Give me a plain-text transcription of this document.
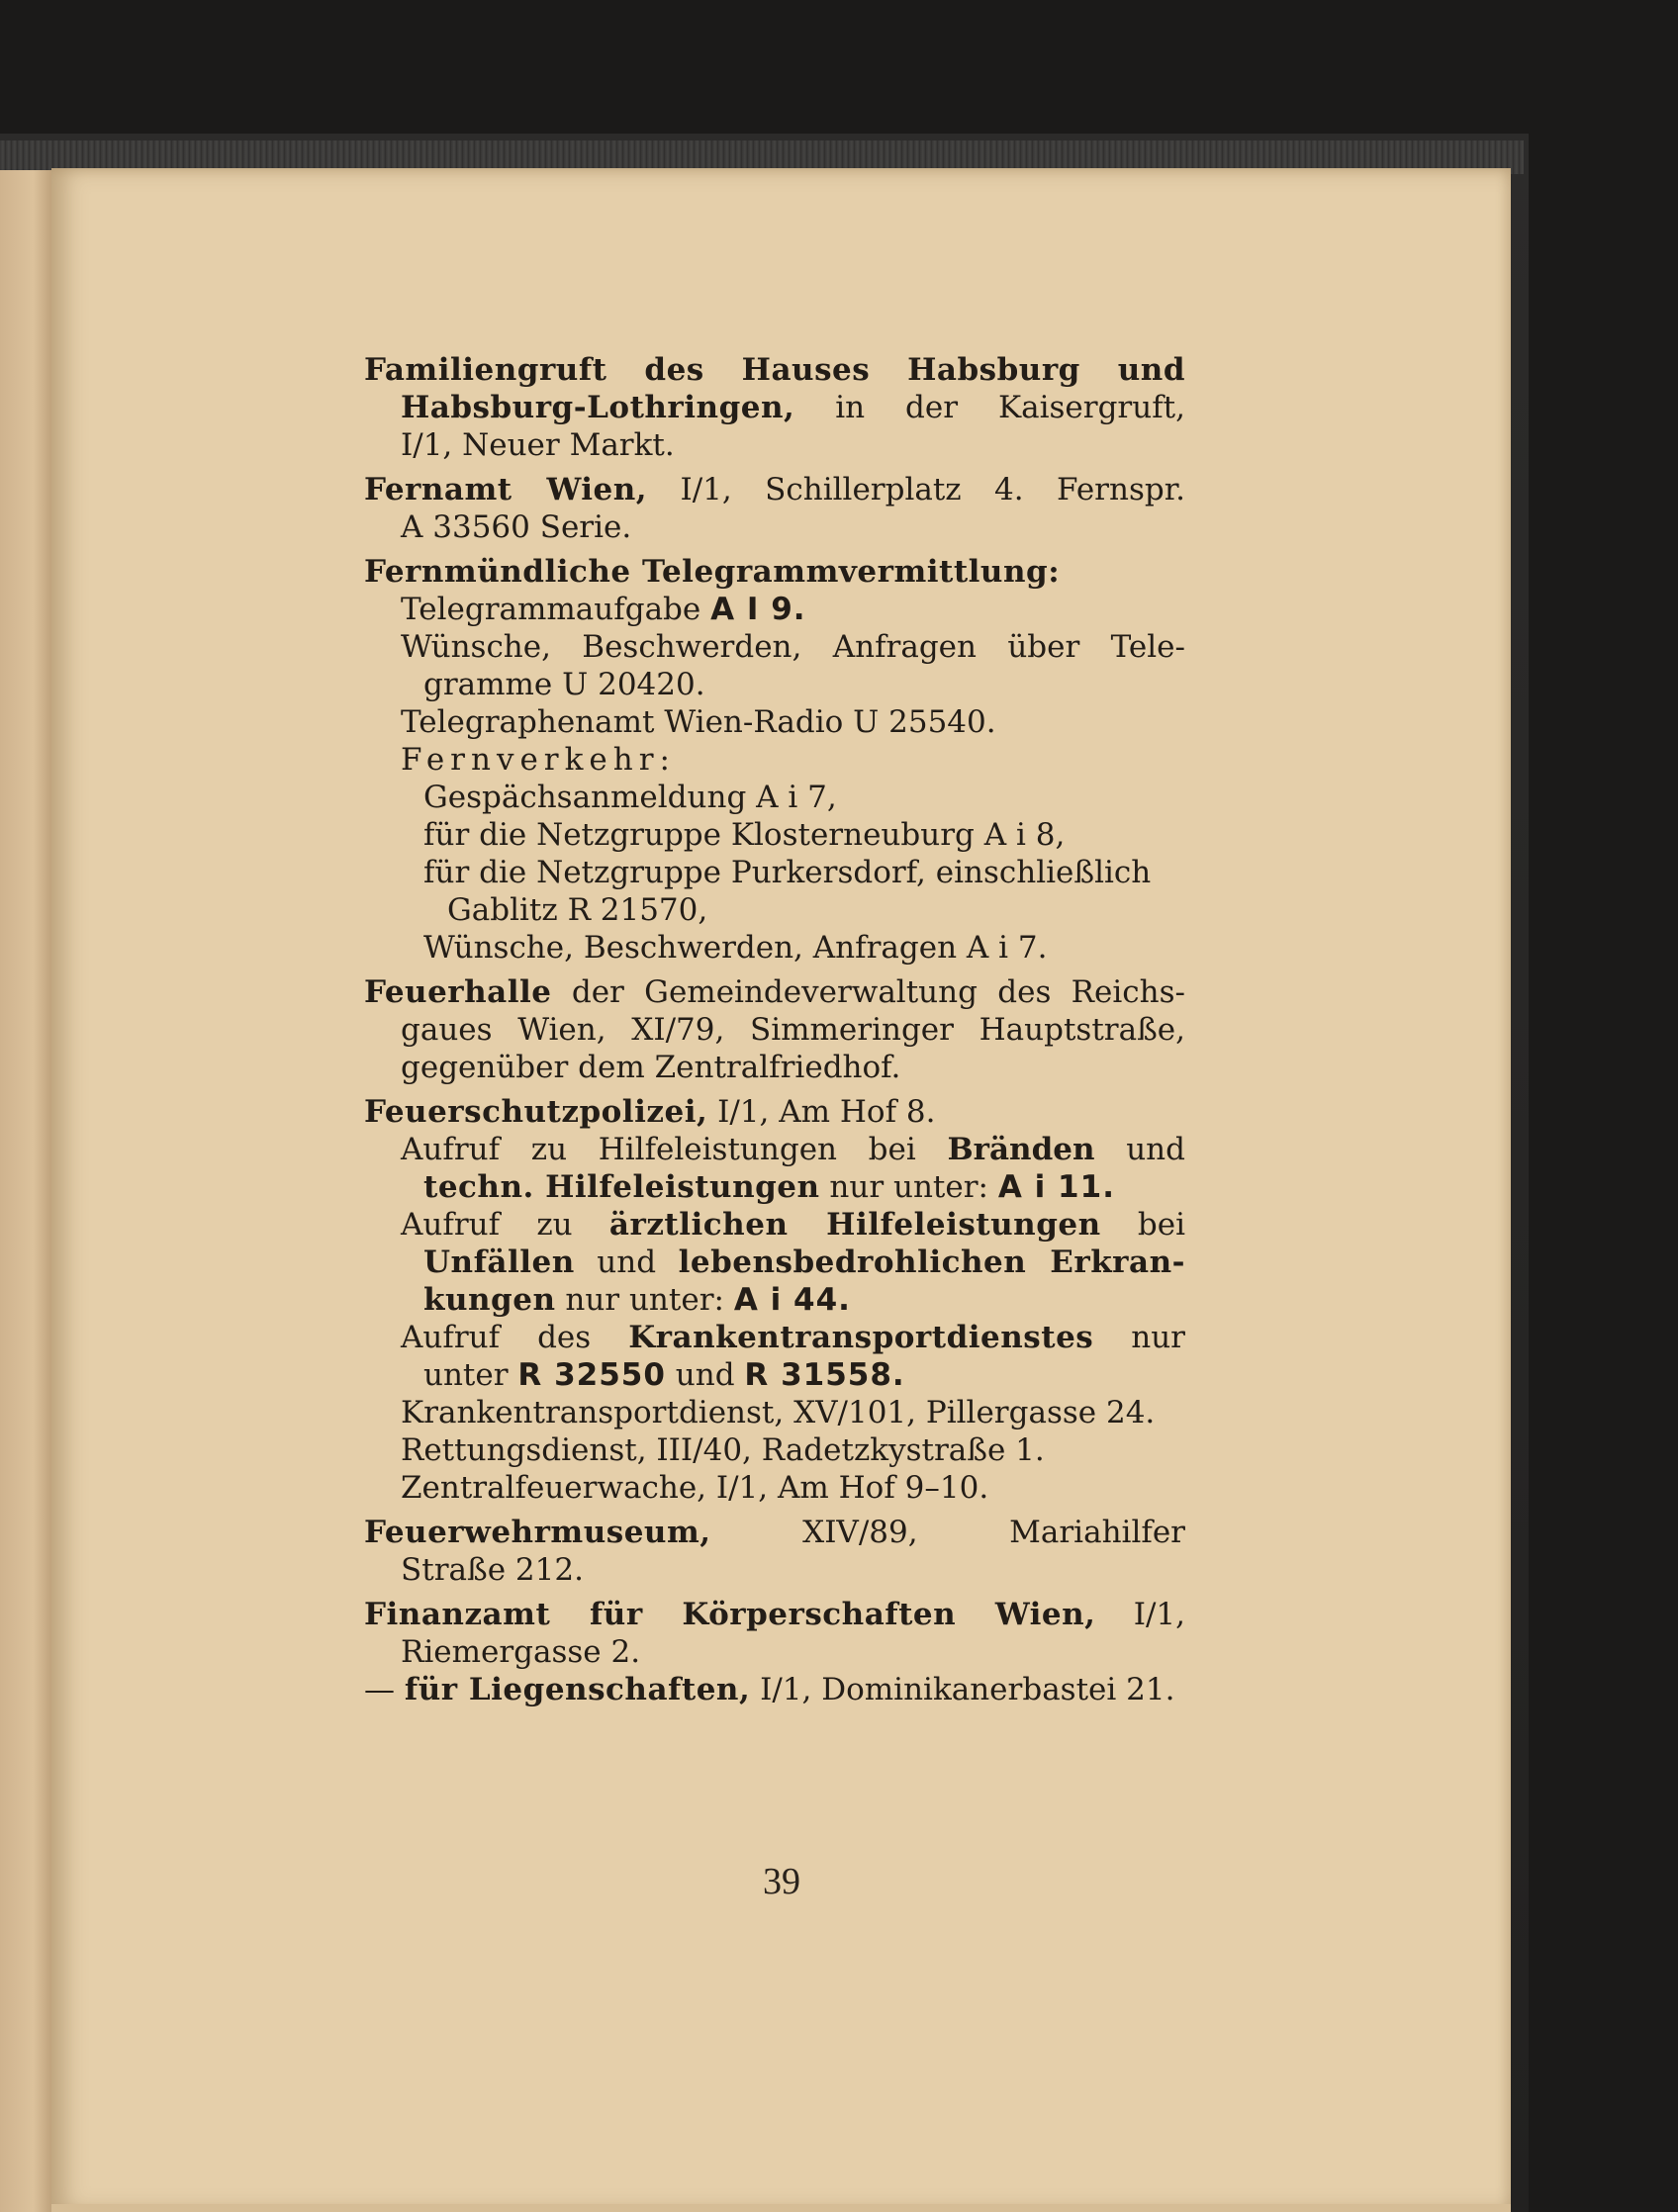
Familiengruft des Hauses Habsburg und
Habsburg-Lothringen, in der Kaisergruft,
I/1, Neuer Markt.
Fernamt Wien, I/1, Schillerplatz 4. Fernspr.
A 33560 Serie.
Fernmündliche Telegrammvermittlung:
Telegrammaufgabe A I 9.
Wünsche, Beschwerden, Anfragen über Tele-
gramme U 20420.
Telegraphenamt Wien-Radio U 25540.
Fernverkehr:
Gespächsanmeldung A i 7,
für die Netzgruppe Klosterneuburg A i 8,
für die Netzgruppe Purkersdorf, einschließlich
Gablitz R 21570,
Wünsche, Beschwerden, Anfragen A i 7.
Feuerhalle der Gemeindeverwaltung des Reichs-
gaues Wien, XI/79, Simmeringer Hauptstraße,
gegenüber dem Zentralfriedhof.
Feuerschutzpolizei, I/1, Am Hof 8.
Aufruf zu Hilfeleistungen bei Bränden und
techn. Hilfeleistungen nur unter: A i 11.
Aufruf zu ärztlichen Hilfeleistungen bei
Unfällen und lebensbedrohlichen Erkran-
kungen nur unter: A i 44.
Aufruf des Krankentransportdienstes nur
unter R 32550 und R 31558.
Krankentransportdienst, XV/101, Pillergasse 24.
Rettungsdienst, III/40, Radetzkystraße 1.
Zentralfeuerwache, I/1, Am Hof 9–10.
Feuerwehrmuseum, XIV/89, Mariahilfer
Straße 212.
Finanzamt für Körperschaften Wien, I/1,
Riemergasse 2.
— für Liegenschaften, I/1, Dominikanerbastei 21.
39
